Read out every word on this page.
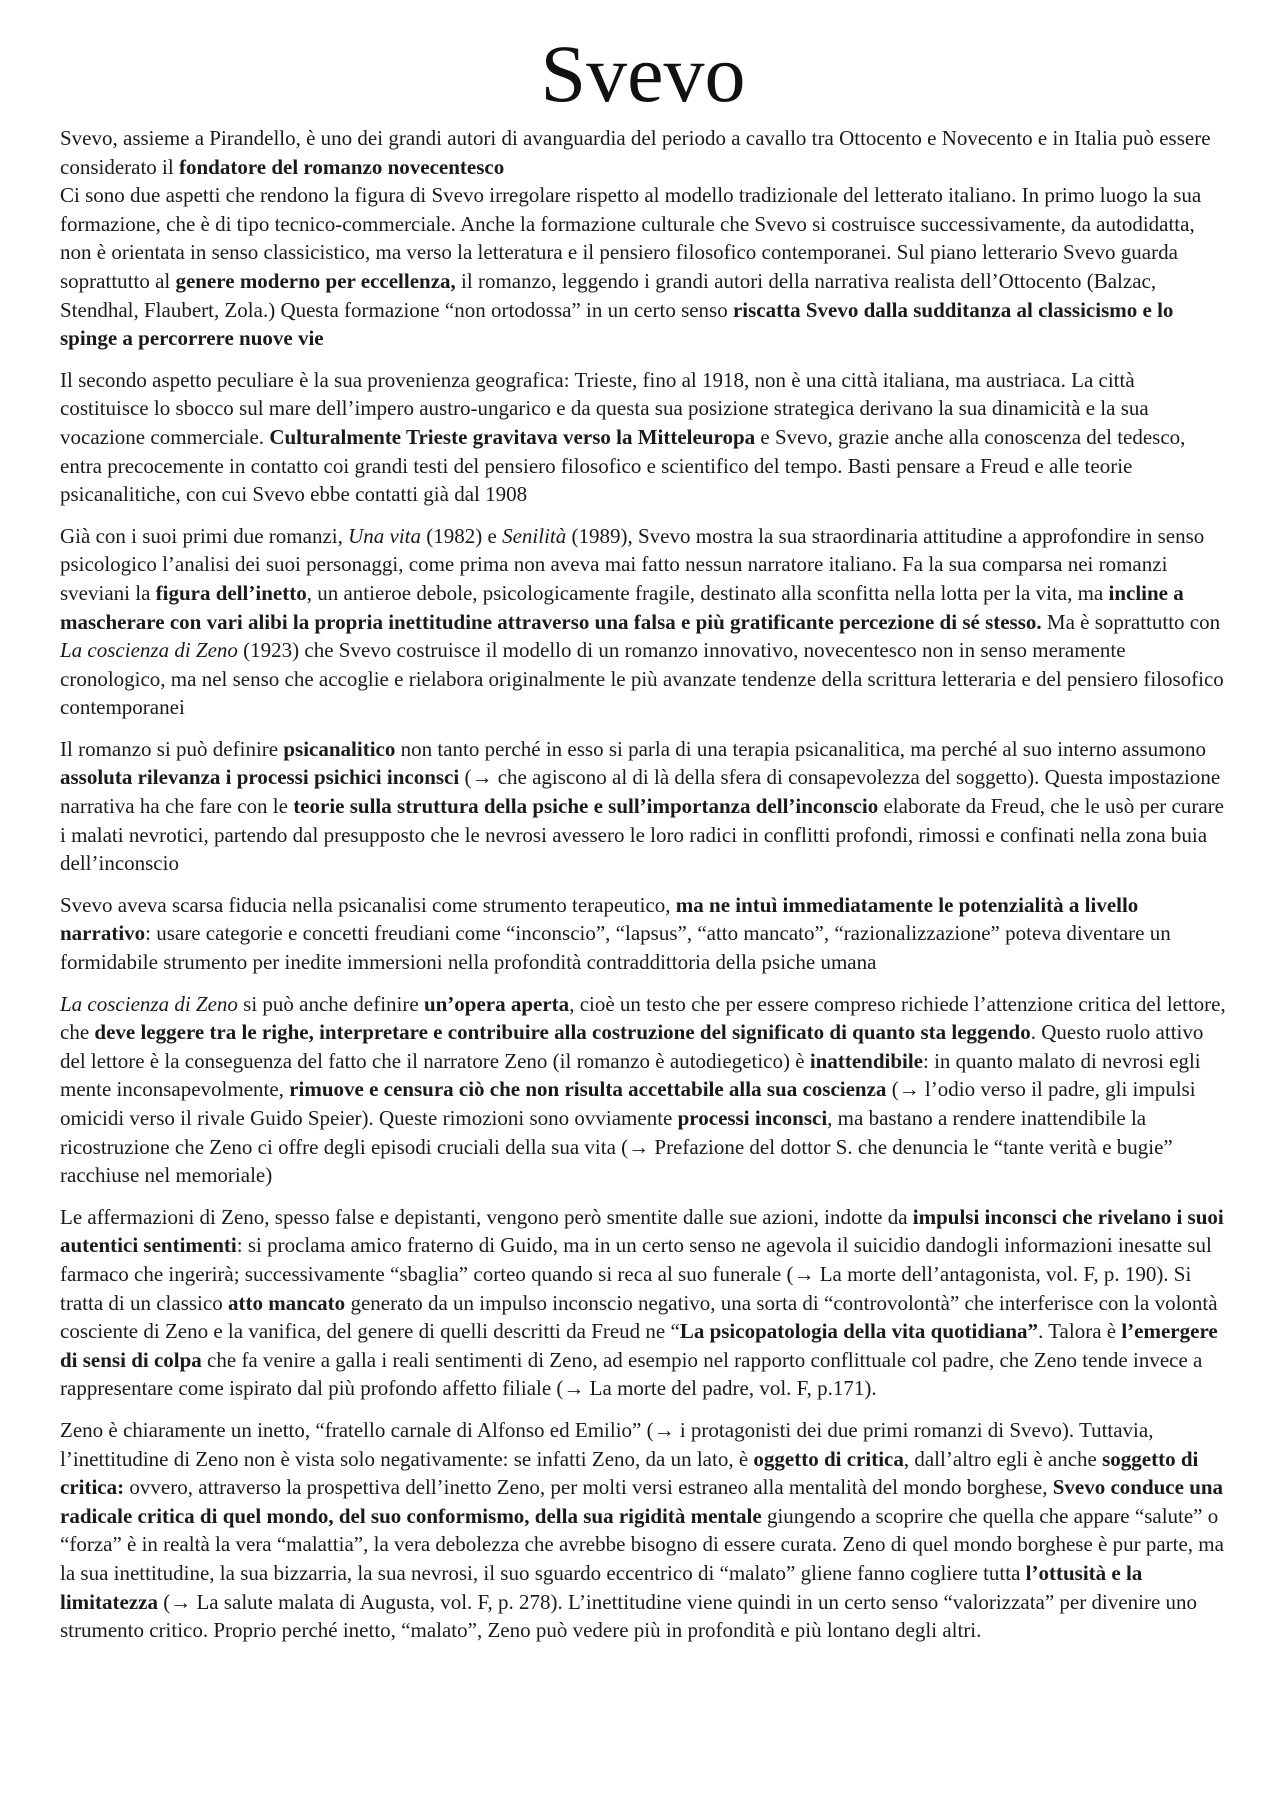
Svevo

Svevo, assieme a Pirandello, è uno dei grandi autori di avanguardia del periodo a cavallo tra Ottocento e Novecento e in Italia può essere considerato il fondatore del romanzo novecentesco

Ci sono due aspetti che rendono la figura di Svevo irregolare rispetto al modello tradizionale del letterato italiano. In primo luogo la sua formazione, che è di tipo tecnico-commerciale. Anche la formazione culturale che Svevo si costruisce successivamente, da autodidatta, non è orientata in senso classicistico, ma verso la letteratura e il pensiero filosofico contemporanei. Sul piano letterario Svevo guarda soprattutto al genere moderno per eccellenza, il romanzo, leggendo i grandi autori della narrativa realista dell’Ottocento (Balzac, Stendhal, Flaubert, Zola.) Questa formazione “non ortodossa” in un certo senso riscatta Svevo dalla sudditanza al classicismo e lo spinge a percorrere nuove vie

Il secondo aspetto peculiare è la sua provenienza geografica: Trieste, fino al 1918, non è una città italiana, ma austriaca. La città costituisce lo sbocco sul mare dell’impero austro-ungarico e da questa sua posizione strategica derivano la sua dinamicità e la sua vocazione commerciale. Culturalmente Trieste gravitava verso la Mitteleuropa e Svevo, grazie anche alla conoscenza del tedesco, entra precocemente in contatto coi grandi testi del pensiero filosofico e scientifico del tempo. Basti pensare a Freud e alle teorie psicanalitiche, con cui Svevo ebbe contatti già dal 1908

Già con i suoi primi due romanzi, Una vita (1982) e Senilità (1989), Svevo mostra la sua straordinaria attitudine a approfondire in senso psicologico l’analisi dei suoi personaggi, come prima non aveva mai fatto nessun narratore italiano. Fa la sua comparsa nei romanzi sveviani la figura dell’inetto, un antieroe debole, psicologicamente fragile, destinato alla sconfitta nella lotta per la vita, ma incline a mascherare con vari alibi la propria inettitudine attraverso una falsa e più gratificante percezione di sé stesso. Ma è soprattutto con La coscienza di Zeno (1923) che Svevo costruisce il modello di un romanzo innovativo, novecentesco non in senso meramente cronologico, ma nel senso che accoglie e rielabora originalmente le più avanzate tendenze della scrittura letteraria e del pensiero filosofico contemporanei

Il romanzo si può definire psicanalitico non tanto perché in esso si parla di una terapia psicanalitica, ma perché al suo interno assumono assoluta rilevanza i processi psichici inconsci (→ che agiscono al di là della sfera di consapevolezza del soggetto). Questa impostazione narrativa ha che fare con le teorie sulla struttura della psiche e sull’importanza dell’inconscio elaborate da Freud, che le usò per curare i malati nevrotici, partendo dal presupposto che le nevrosi avessero le loro radici in conflitti profondi, rimossi e confinati nella zona buia dell’inconscio

Svevo aveva scarsa fiducia nella psicanalisi come strumento terapeutico, ma ne intuì immediatamente le potenzialità a livello narrativo: usare categorie e concetti freudiani come “inconscio”, “lapsus”, “atto mancato”, “razionalizzazione” poteva diventare un formidabile strumento per inedite immersioni nella profondità contraddittoria della psiche umana

La coscienza di Zeno si può anche definire un’opera aperta, cioè un testo che per essere compreso richiede l’attenzione critica del lettore, che deve leggere tra le righe, interpretare e contribuire alla costruzione del significato di quanto sta leggendo. Questo ruolo attivo del lettore è la conseguenza del fatto che il narratore Zeno (il romanzo è autodiegetico) è inattendibile: in quanto malato di nevrosi egli mente inconsapevolmente, rimuove e censura ciò che non risulta accettabile alla sua coscienza (→ l’odio verso il padre, gli impulsi omicidi verso il rivale Guido Speier). Queste rimozioni sono ovviamente processi inconsci, ma bastano a rendere inattendibile la ricostruzione che Zeno ci offre degli episodi cruciali della sua vita (→ Prefazione del dottor S. che denuncia le “tante verità e bugie” racchiuse nel memoriale)

Le affermazioni di Zeno, spesso false e depistanti, vengono però smentite dalle sue azioni, indotte da impulsi inconsci che rivelano i suoi autentici sentimenti: si proclama amico fraterno di Guido, ma in un certo senso ne agevola il suicidio dandogli informazioni inesatte sul farmaco che ingerirà; successivamente “sbaglia” corteo quando si reca al suo funerale (→ La morte dell’antagonista, vol. F, p. 190). Si tratta di un classico atto mancato generato da un impulso inconscio negativo, una sorta di “controvolontà” che interferisce con la volontà cosciente di Zeno e la vanifica, del genere di quelli descritti da Freud ne “La psicopatologia della vita quotidiana”. Talora è l’emergere di sensi di colpa che fa venire a galla i reali sentimenti di Zeno, ad esempio nel rapporto conflittuale col padre, che Zeno tende invece a rappresentare come ispirato dal più profondo affetto filiale (→ La morte del padre, vol. F, p.171).

Zeno è chiaramente un inetto, “fratello carnale di Alfonso ed Emilio” (→ i protagonisti dei due primi romanzi di Svevo). Tuttavia, l’inettitudine di Zeno non è vista solo negativamente: se infatti Zeno, da un lato, è oggetto di critica, dall’altro egli è anche soggetto di critica: ovvero, attraverso la prospettiva dell’inetto Zeno, per molti versi estraneo alla mentalità del mondo borghese, Svevo conduce una radicale critica di quel mondo, del suo conformismo, della sua rigidità mentale giungendo a scoprire che quella che appare “salute” o “forza” è in realtà la vera “malattia”, la vera debolezza che avrebbe bisogno di essere curata. Zeno di quel mondo borghese è pur parte, ma la sua inettitudine, la sua bizzarria, la sua nevrosi, il suo sguardo eccentrico di “malato” gliene fanno cogliere tutta l’ottusità e la limitatezza (→ La salute malata di Augusta, vol. F, p. 278). L’inettitudine viene quindi in un certo senso “valorizzata” per divenire uno strumento critico. Proprio perché inetto, “malato”, Zeno può vedere più in profondità e più lontano degli altri.
